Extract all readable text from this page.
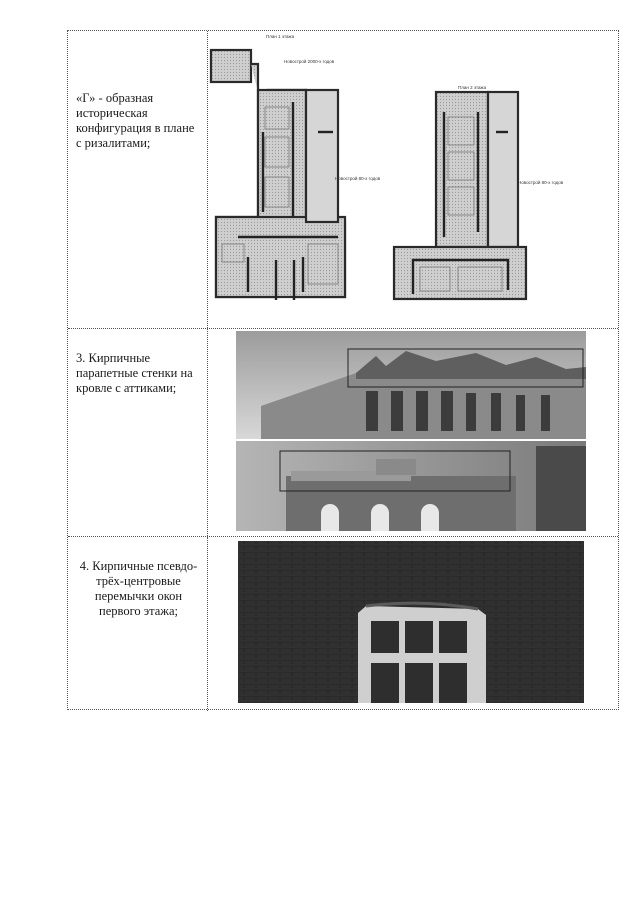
«Г» - образная историческая конфигурация в плане с ризалитами;
План 1 этажа
Новострой 2000-х годов
Новострой 80-х годов
План 2 этажа
Новострой 80-х годов
3. Кирпичные парапетные стенки на кровле с аттиками;
4. Кирпичные псевдо-трёх-центровые перемычки окон первого этажа;
